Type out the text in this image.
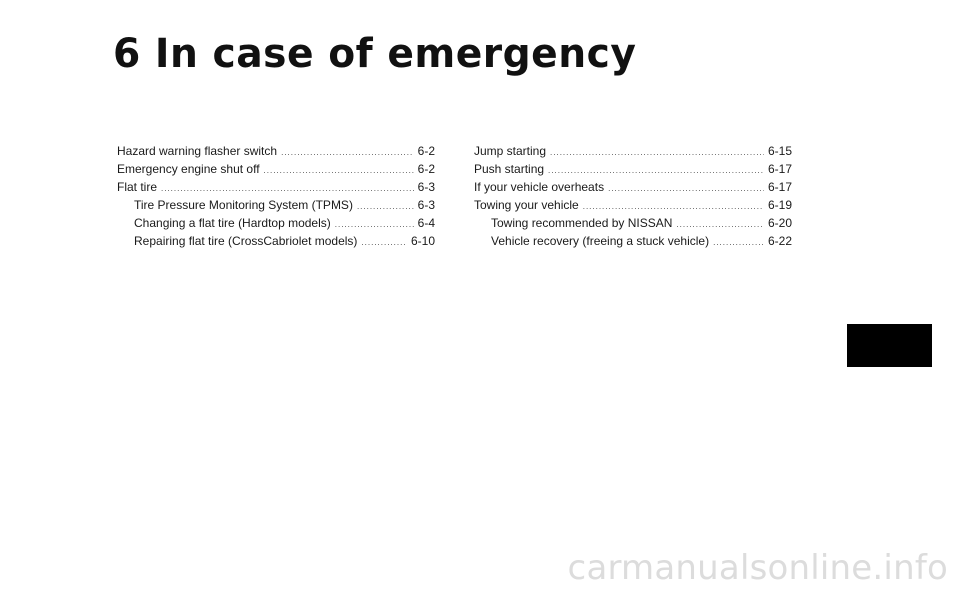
6 In case of emergency
Hazard warning flasher switch .....	6-2
Emergency engine shut off .....	6-2
Flat tire .....	6-3
Tire Pressure Monitoring System (TPMS) .....	6-3
Changing a flat tire (Hardtop models) .....	6-4
Repairing flat tire (CrossCabriolet models) .....	6-10
Jump starting .....	6-15
Push starting .....	6-17
If your vehicle overheats .....	6-17
Towing your vehicle .....	6-19
Towing recommended by NISSAN .....	6-20
Vehicle recovery (freeing a stuck vehicle) .....	6-22
carmanualsonline.info
